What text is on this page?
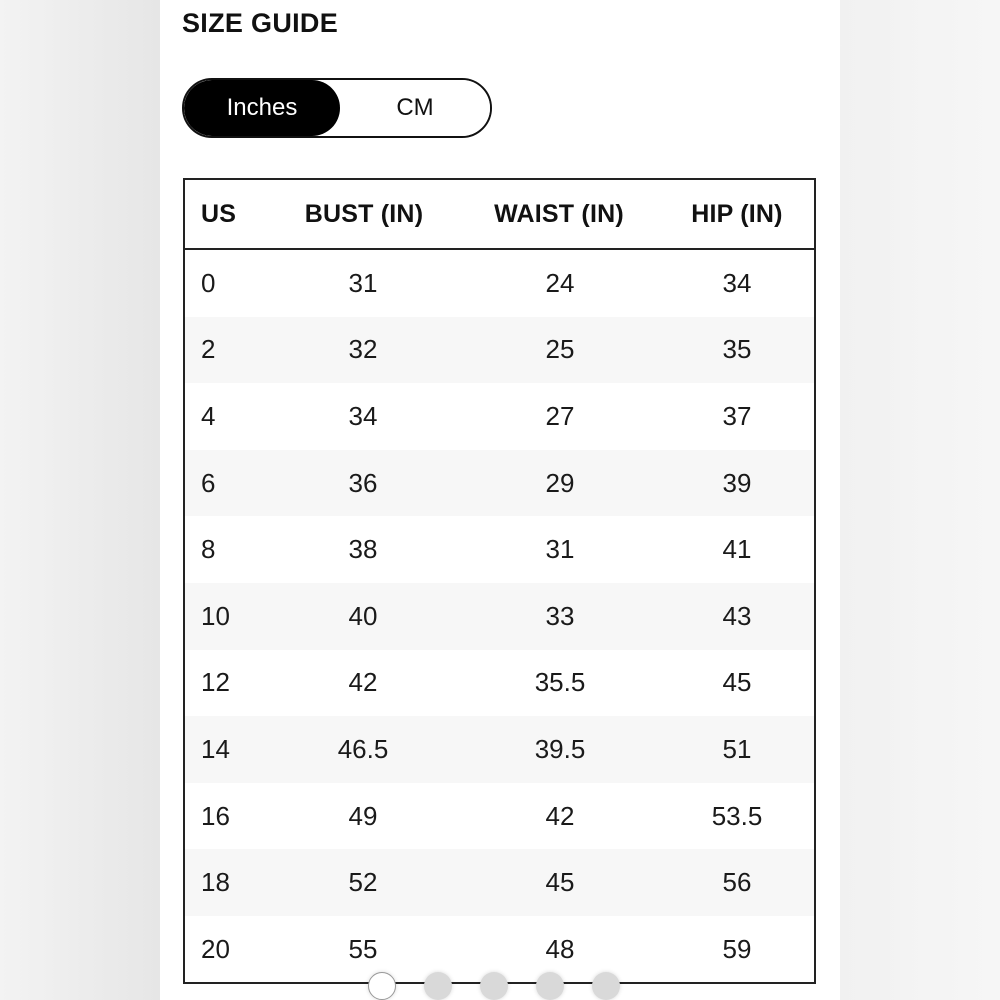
SIZE GUIDE
Inches	CM
US	BUST (IN)	WAIST (IN)	HIP (IN)
0	31	24	34
2	32	25	35
4	34	27	37
6	36	29	39
8	38	31	41
10	40	33	43
12	42	35.5	45
14	46.5	39.5	51
16	49	42	53.5
18	52	45	56
20	55	48	59
